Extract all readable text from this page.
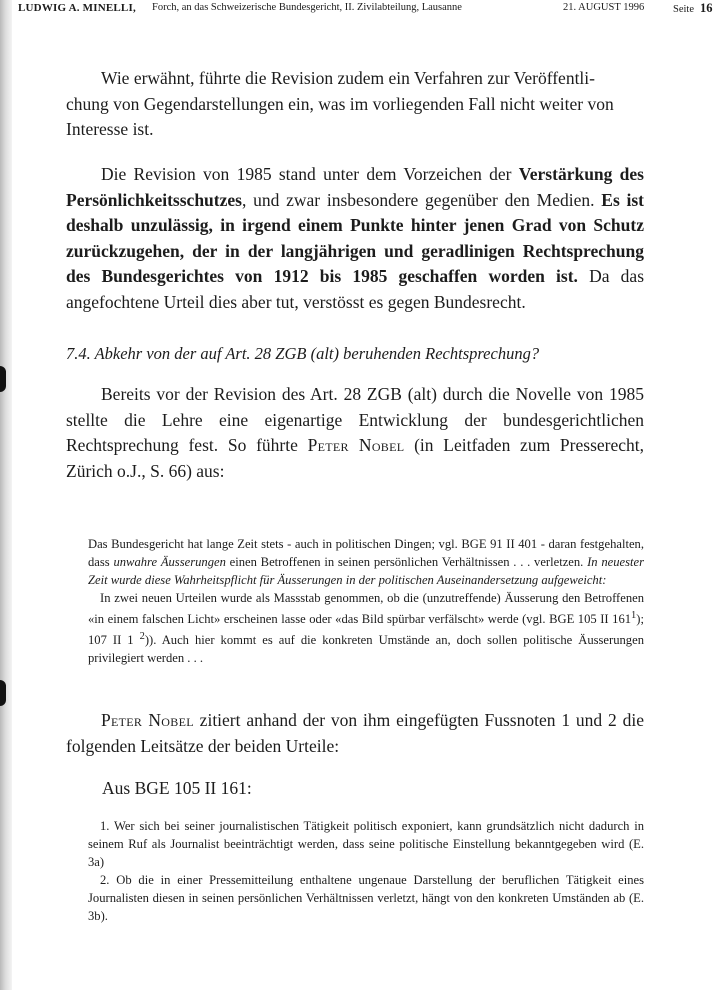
LUDWIG A. MINELLI, Forch, an das Schweizerische Bundesgericht, II. Zivilabteilung, Lausanne	21. AUGUST 1996	Seite 16

Wie erwähnt, führte die Revision zudem ein Verfahren zur Veröffentli-

chung von Gegendarstellungen ein, was im vorliegenden Fall nicht weiter von

Interesse ist.

Die Revision von 1985 stand unter dem Vorzeichen der Verstärkung des Persönlichkeitsschutzes, und zwar insbesondere gegenüber den Medien. Es ist deshalb unzulässig, in irgend einem Punkte hinter jenen Grad von Schutz zurückzugehen, der in der langjährigen und geradlinigen Rechtsprechung des Bundesgerichtes von 1912 bis 1985 geschaffen worden ist. Da das angefochtene Urteil dies aber tut, verstösst es gegen Bundesrecht.

7.4. Abkehr von der auf Art. 28 ZGB (alt) beruhenden Rechtsprechung?

Bereits vor der Revision des Art. 28 ZGB (alt) durch die Novelle von 1985 stellte die Lehre eine eigenartige Entwicklung der bundesgerichtlichen Rechtsprechung fest. So führte Peter Nobel (in Leitfaden zum Presserecht, Zürich o.J., S. 66) aus:

Das Bundesgericht hat lange Zeit stets - auch in politischen Dingen; vgl. BGE 91 II 401 - daran festgehalten, dass unwahre Äusserungen einen Betroffenen in seinen persönlichen Verhältnissen . . . verletzen. In neuester Zeit wurde diese Wahrheitspflicht für Äusserungen in der politischen Auseinandersetzung aufgeweicht:

In zwei neuen Urteilen wurde als Massstab genommen, ob die (unzutreffende) Äusserung den Betroffenen «in einem falschen Licht» erscheinen lasse oder «das Bild spürbar verfälscht» werde (vgl. BGE 105 II $161^1$); 107 II 1 $^2$)). Auch hier kommt es auf die konkreten Umstände an, doch sollen politische Äusserungen privilegiert werden . . .

Peter Nobel zitiert anhand der von ihm eingefügten Fussnoten 1 und 2 die folgenden Leitsätze der beiden Urteile:

Aus BGE 105 II 161:

1. Wer sich bei seiner journalistischen Tätigkeit politisch exponiert, kann grundsätzlich nicht dadurch in seinem Ruf als Journalist beeinträchtigt werden, dass seine politische Einstellung bekanntgegeben wird (E. 3a)

2. Ob die in einer Pressemitteilung enthaltene ungenaue Darstellung der beruflichen Tätigkeit eines Journalisten diesen in seinen persönlichen Verhältnissen verletzt, hängt von den konkreten Umständen ab (E. 3b).
